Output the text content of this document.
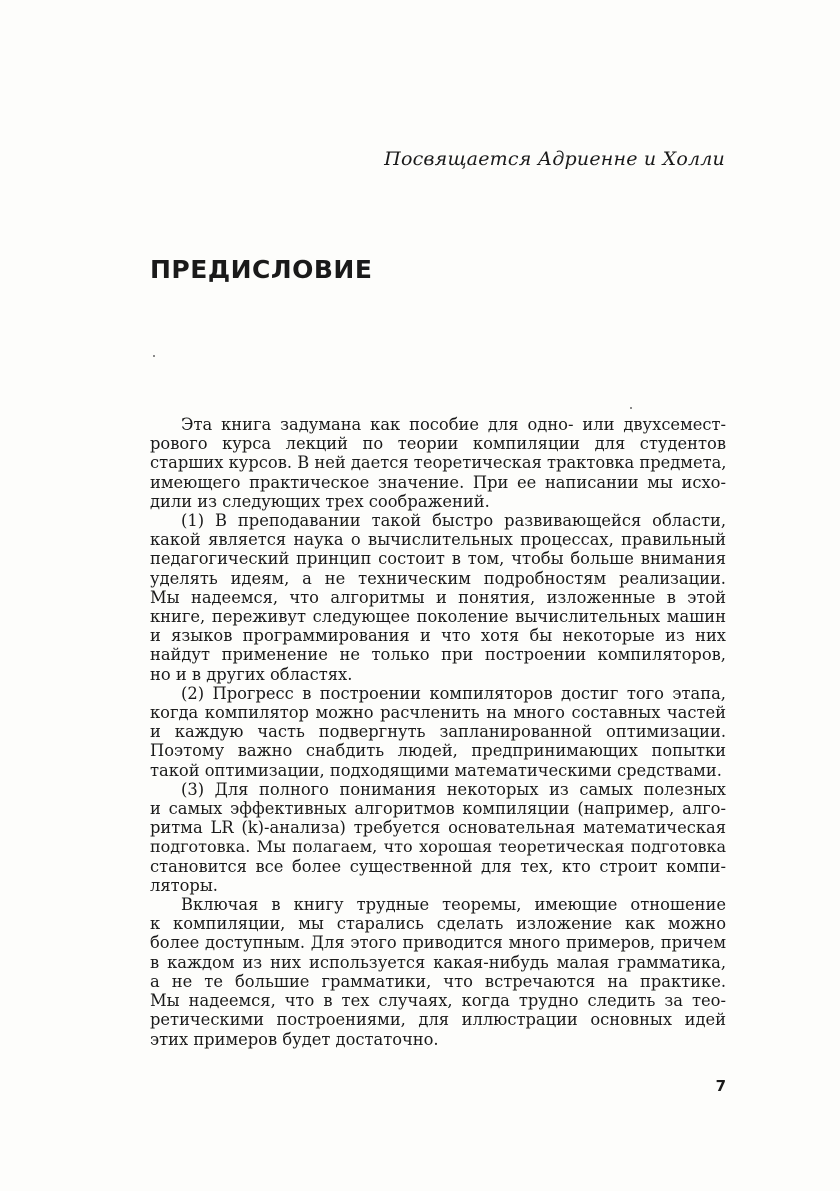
Посвящается Адриенне и Холли
ПРЕДИСЛОВИЕ
Эта книга задумана как пособие для одно- или двухсемест-
рового курса лекций по теории компиляции для студентов
старших курсов. В ней дается теоретическая трактовка предмета,
имеющего практическое значение. При ее написании мы исхо-
дили из следующих трех соображений.
(1) В преподавании такой быстро развивающейся области,
какой является наука о вычислительных процессах, правильный
педагогический принцип состоит в том, чтобы больше внимания
уделять идеям, а не техническим подробностям реализации.
Мы надеемся, что алгоритмы и понятия, изложенные в этой
книге, переживут следующее поколение вычислительных машин
и языков программирования и что хотя бы некоторые из них
найдут применение не только при построении компиляторов,
но и в других областях.
(2) Прогресс в построении компиляторов достиг того этапа,
когда компилятор можно расчленить на много составных частей
и каждую часть подвергнуть запланированной оптимизации.
Поэтому важно снабдить людей, предпринимающих попытки
такой оптимизации, подходящими математическими средствами.
(3) Для полного понимания некоторых из самых полезных
и самых эффективных алгоритмов компиляции (например, алго-
ритма LR (k)-анализа) требуется основательная математическая
подготовка. Мы полагаем, что хорошая теоретическая подготовка
становится все более существенной для тех, кто строит компи-
ляторы.
Включая в книгу трудные теоремы, имеющие отношение
к компиляции, мы старались сделать изложение как можно
более доступным. Для этого приводится много примеров, причем
в каждом из них используется какая-нибудь малая грамматика,
а не те большие грамматики, что встречаются на практике.
Мы надеемся, что в тех случаях, когда трудно следить за тео-
ретическими построениями, для иллюстрации основных идей
этих примеров будет достаточно.
7
